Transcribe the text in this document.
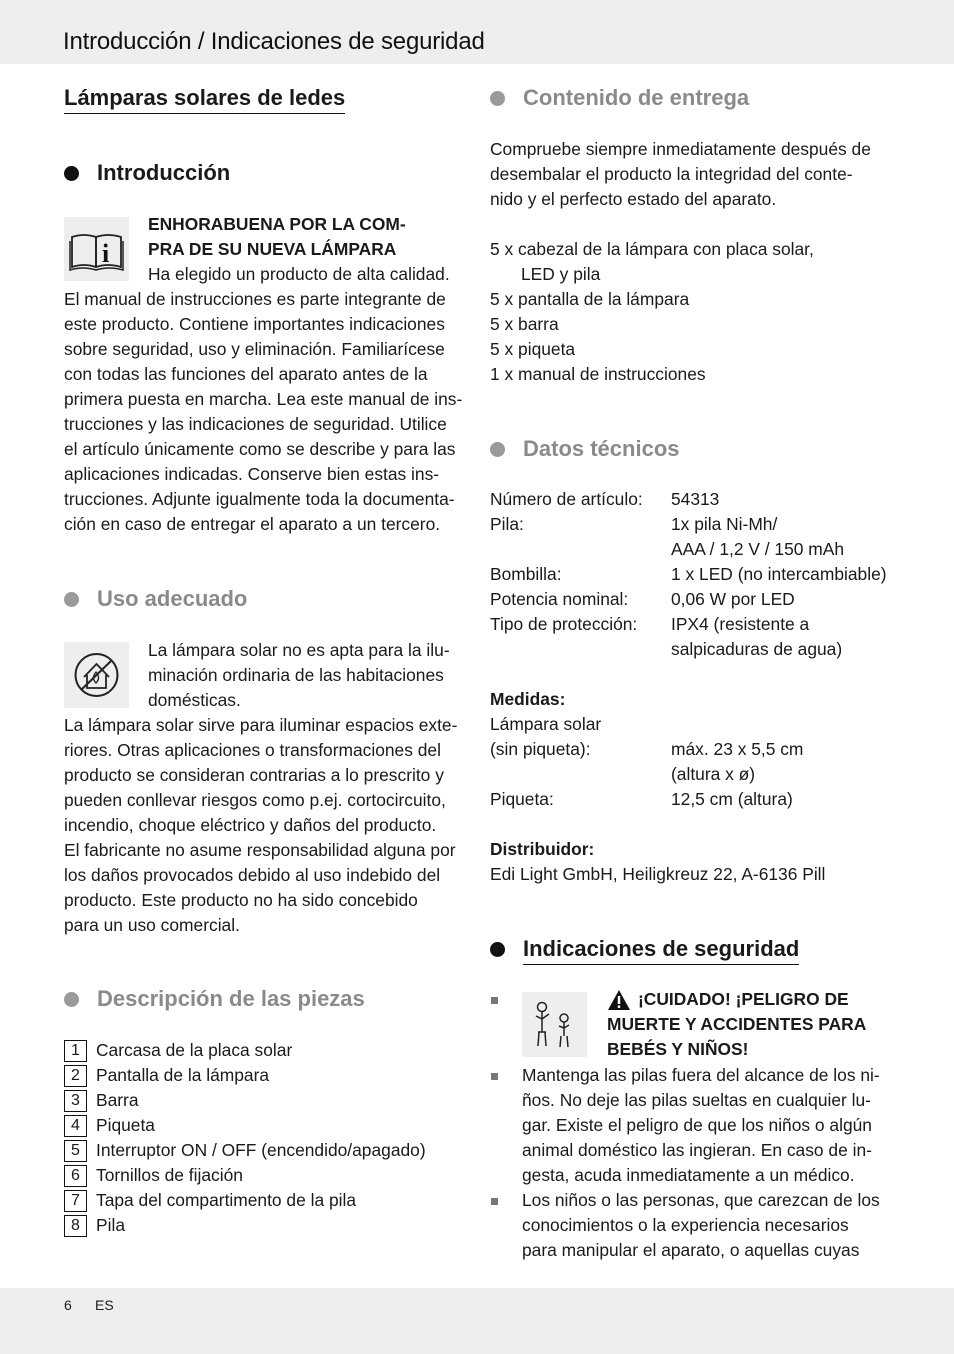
Introducción / Indicaciones de seguridad
Lámparas solares de ledes
Introducción
i
ENHORABUENA POR LA COM-
PRA DE SU NUEVA LÁMPARA
Ha elegido un producto de alta calidad.
El manual de instrucciones es parte integrante de
este producto. Contiene importantes indicaciones
sobre seguridad, uso y eliminación. Familiarícese
con todas las funciones del aparato antes de la
primera puesta en marcha. Lea este manual de ins-
trucciones y las indicaciones de seguridad. Utilice
el artículo únicamente como se describe y para las
aplicaciones indicadas. Conserve bien estas ins-
trucciones. Adjunte igualmente toda la documenta-
ción en caso de entregar el aparato a un tercero.
Uso adecuado
La lámpara solar no es apta para la ilu-
minación ordinaria de las habitaciones
domésticas.
La lámpara solar sirve para iluminar espacios exte-
riores. Otras aplicaciones o transformaciones del
producto se consideran contrarias a lo prescrito y
pueden conllevar riesgos como p.ej. cortocircuito,
incendio, choque eléctrico y daños del producto.
El fabricante no asume responsabilidad alguna por
los daños provocados debido al uso indebido del
producto. Este producto no ha sido concebido
para un uso comercial.
Descripción de las piezas
1 Carcasa de la placa solar
2 Pantalla de la lámpara
3 Barra
4 Piqueta
5 Interruptor ON / OFF (encendido/apagado)
6 Tornillos de fijación
7 Tapa del compartimento de la pila
8 Pila
Contenido de entrega
Compruebe siempre inmediatamente después de
desembalar el producto la integridad del conte-
nido y el perfecto estado del aparato.
5 x cabezal de la lámpara con placa solar,
LED y pila
5 x pantalla de la lámpara
5 x barra
5 x piqueta
1 x manual de instrucciones
Datos técnicos
Número de artículo: 54313
Pila:	1x pila Ni-Mh/
AAA / 1,2 V / 150 mAh
Bombilla:	1 x LED (no intercambiable)
Potencia nominal: 0,06 W por LED
Tipo de protección: IPX4 (resistente a
salpicaduras de agua)
Medidas:
Lámpara solar
(sin piqueta):	máx. 23 x 5,5 cm
(altura x ø)
Piqueta:	12,5 cm (altura)
Distribuidor:
Edi Light GmbH, Heiligkreuz 22, A-6136 Pill
Indicaciones de seguridad
¡CUIDADO! ¡PELIGRO DE
MUERTE Y ACCIDENTES PARA
BEBÉS Y NIÑOS!
Mantenga las pilas fuera del alcance de los ni-
ños. No deje las pilas sueltas en cualquier lu-
gar. Existe el peligro de que los niños o algún
animal doméstico las ingieran. En caso de in-
gesta, acuda inmediatamente a un médico.
Los niños o las personas, que carezcan de los
conocimientos o la experiencia necesarios
para manipular el aparato, o aquellas cuyas
6 ES
